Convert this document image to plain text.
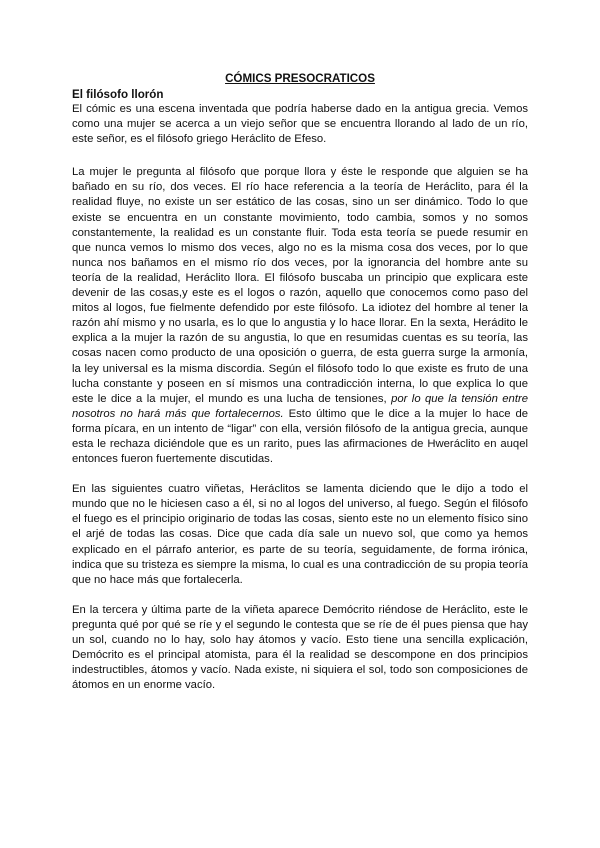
CÓMICS PRESOCRATICOS
El filósofo llorón

El cómic es una escena inventada que podría haberse dado en la antigua grecia. Vemos como una mujer se acerca a un viejo señor que se encuentra llorando al lado de un río, este señor, es el filósofo griego Heráclito de Efeso.

La mujer le pregunta al filósofo que porque llora y éste le responde que alguien se ha bañado en su río, dos veces. El río hace referencia a la teoría de Heráclito, para él la realidad fluye, no existe un ser estático de las cosas, sino un ser dinámico. Todo lo que existe se encuentra en un constante movimiento, todo cambia, somos y no somos constantemente, la realidad es un constante fluir. Toda esta teoría se puede resumir en que nunca vemos lo mismo dos veces, algo no es la misma cosa dos veces, por lo que nunca nos bañamos en el mismo río dos veces, por la ignorancia del hombre ante su teoría de la realidad, Heráclito llora. El filósofo buscaba un principio que explicara este devenir de las cosas,y este es el logos o razón, aquello que conocemos como paso del mitos al logos, fue fielmente defendido por este filósofo. La idiotez del hombre al tener la razón ahí mismo y no usarla, es lo que lo angustia y lo hace llorar. En la sexta, Herádito le explica a la mujer la razón de su angustia, lo que en resumidas cuentas es su teoría, las cosas nacen como producto de una oposición o guerra, de esta guerra surge la armonía, la ley universal es la misma discordia. Según el filósofo todo lo que existe es fruto de una lucha constante y poseen en sí mismos una contradicción interna, lo que explica lo que este le dice a la mujer, el mundo es una lucha de tensiones, por lo que la tensión entre nosotros no hará más que fortalecernos. Esto último que le dice a la mujer lo hace de forma pícara, en un intento de “ligar” con ella, versión filósofo de la antigua grecia, aunque esta le rechaza diciéndole que es un rarito, pues las afirmaciones de Hweráclito en auqel entonces fueron fuertemente discutidas.

En las siguientes cuatro viñetas, Heráclitos se lamenta diciendo que le dijo a todo el mundo que no le hiciesen caso a él, si no al logos del universo, al fuego. Según el filósofo el fuego es el principio originario de todas las cosas, siento este no un elemento físico sino el arjé de todas las cosas. Dice que cada día sale un nuevo sol, que como ya hemos explicado en el párrafo anterior, es parte de su teoría, seguidamente, de forma irónica, indica que su tristeza es siempre la misma, lo cual es una contradicción de su propia teoría que no hace más que fortalecerla.

En la tercera y última parte de la viñeta aparece Demócrito riéndose de Heráclito, este le pregunta qué por qué se ríe y el segundo le contesta que se ríe de él pues piensa que hay un sol, cuando no lo hay, solo hay átomos y vacío. Esto tiene una sencilla explicación, Demócrito es el principal atomista, para él la realidad se descompone en dos principios indestructibles, átomos y vacío. Nada existe, ni siquiera el sol, todo son composiciones de átomos en un enorme vacío.
